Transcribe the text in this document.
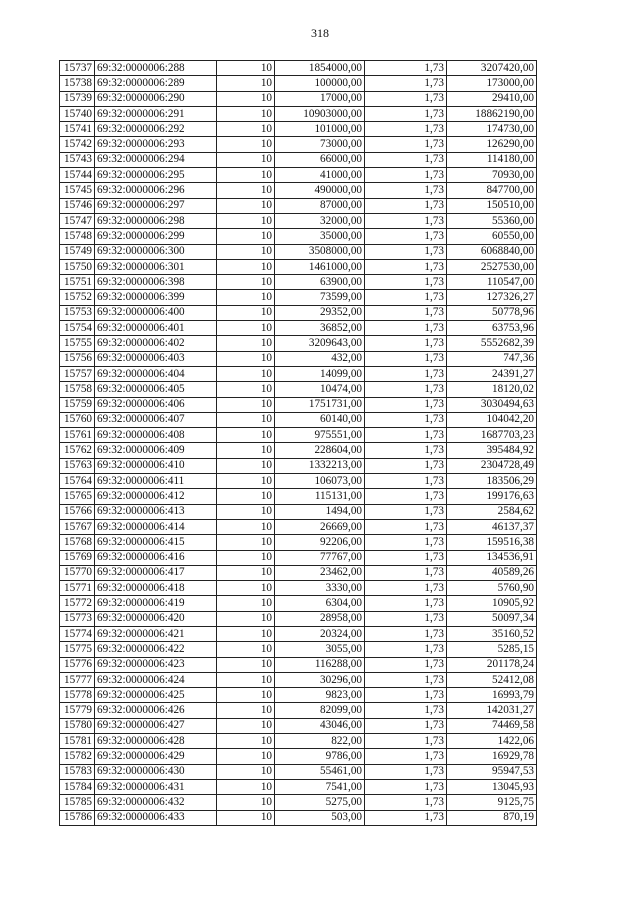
318
15737	69:32:0000006:288	10	1854000,00	1,73	3207420,00
15738	69:32:0000006:289	10	100000,00	1,73	173000,00
15739	69:32:0000006:290	10	17000,00	1,73	29410,00
15740	69:32:0000006:291	10	10903000,00	1,73	18862190,00
15741	69:32:0000006:292	10	101000,00	1,73	174730,00
15742	69:32:0000006:293	10	73000,00	1,73	126290,00
15743	69:32:0000006:294	10	66000,00	1,73	114180,00
15744	69:32:0000006:295	10	41000,00	1,73	70930,00
15745	69:32:0000006:296	10	490000,00	1,73	847700,00
15746	69:32:0000006:297	10	87000,00	1,73	150510,00
15747	69:32:0000006:298	10	32000,00	1,73	55360,00
15748	69:32:0000006:299	10	35000,00	1,73	60550,00
15749	69:32:0000006:300	10	3508000,00	1,73	6068840,00
15750	69:32:0000006:301	10	1461000,00	1,73	2527530,00
15751	69:32:0000006:398	10	63900,00	1,73	110547,00
15752	69:32:0000006:399	10	73599,00	1,73	127326,27
15753	69:32:0000006:400	10	29352,00	1,73	50778,96
15754	69:32:0000006:401	10	36852,00	1,73	63753,96
15755	69:32:0000006:402	10	3209643,00	1,73	5552682,39
15756	69:32:0000006:403	10	432,00	1,73	747,36
15757	69:32:0000006:404	10	14099,00	1,73	24391,27
15758	69:32:0000006:405	10	10474,00	1,73	18120,02
15759	69:32:0000006:406	10	1751731,00	1,73	3030494,63
15760	69:32:0000006:407	10	60140,00	1,73	104042,20
15761	69:32:0000006:408	10	975551,00	1,73	1687703,23
15762	69:32:0000006:409	10	228604,00	1,73	395484,92
15763	69:32:0000006:410	10	1332213,00	1,73	2304728,49
15764	69:32:0000006:411	10	106073,00	1,73	183506,29
15765	69:32:0000006:412	10	115131,00	1,73	199176,63
15766	69:32:0000006:413	10	1494,00	1,73	2584,62
15767	69:32:0000006:414	10	26669,00	1,73	46137,37
15768	69:32:0000006:415	10	92206,00	1,73	159516,38
15769	69:32:0000006:416	10	77767,00	1,73	134536,91
15770	69:32:0000006:417	10	23462,00	1,73	40589,26
15771	69:32:0000006:418	10	3330,00	1,73	5760,90
15772	69:32:0000006:419	10	6304,00	1,73	10905,92
15773	69:32:0000006:420	10	28958,00	1,73	50097,34
15774	69:32:0000006:421	10	20324,00	1,73	35160,52
15775	69:32:0000006:422	10	3055,00	1,73	5285,15
15776	69:32:0000006:423	10	116288,00	1,73	201178,24
15777	69:32:0000006:424	10	30296,00	1,73	52412,08
15778	69:32:0000006:425	10	9823,00	1,73	16993,79
15779	69:32:0000006:426	10	82099,00	1,73	142031,27
15780	69:32:0000006:427	10	43046,00	1,73	74469,58
15781	69:32:0000006:428	10	822,00	1,73	1422,06
15782	69:32:0000006:429	10	9786,00	1,73	16929,78
15783	69:32:0000006:430	10	55461,00	1,73	95947,53
15784	69:32:0000006:431	10	7541,00	1,73	13045,93
15785	69:32:0000006:432	10	5275,00	1,73	9125,75
15786	69:32:0000006:433	10	503,00	1,73	870,19
